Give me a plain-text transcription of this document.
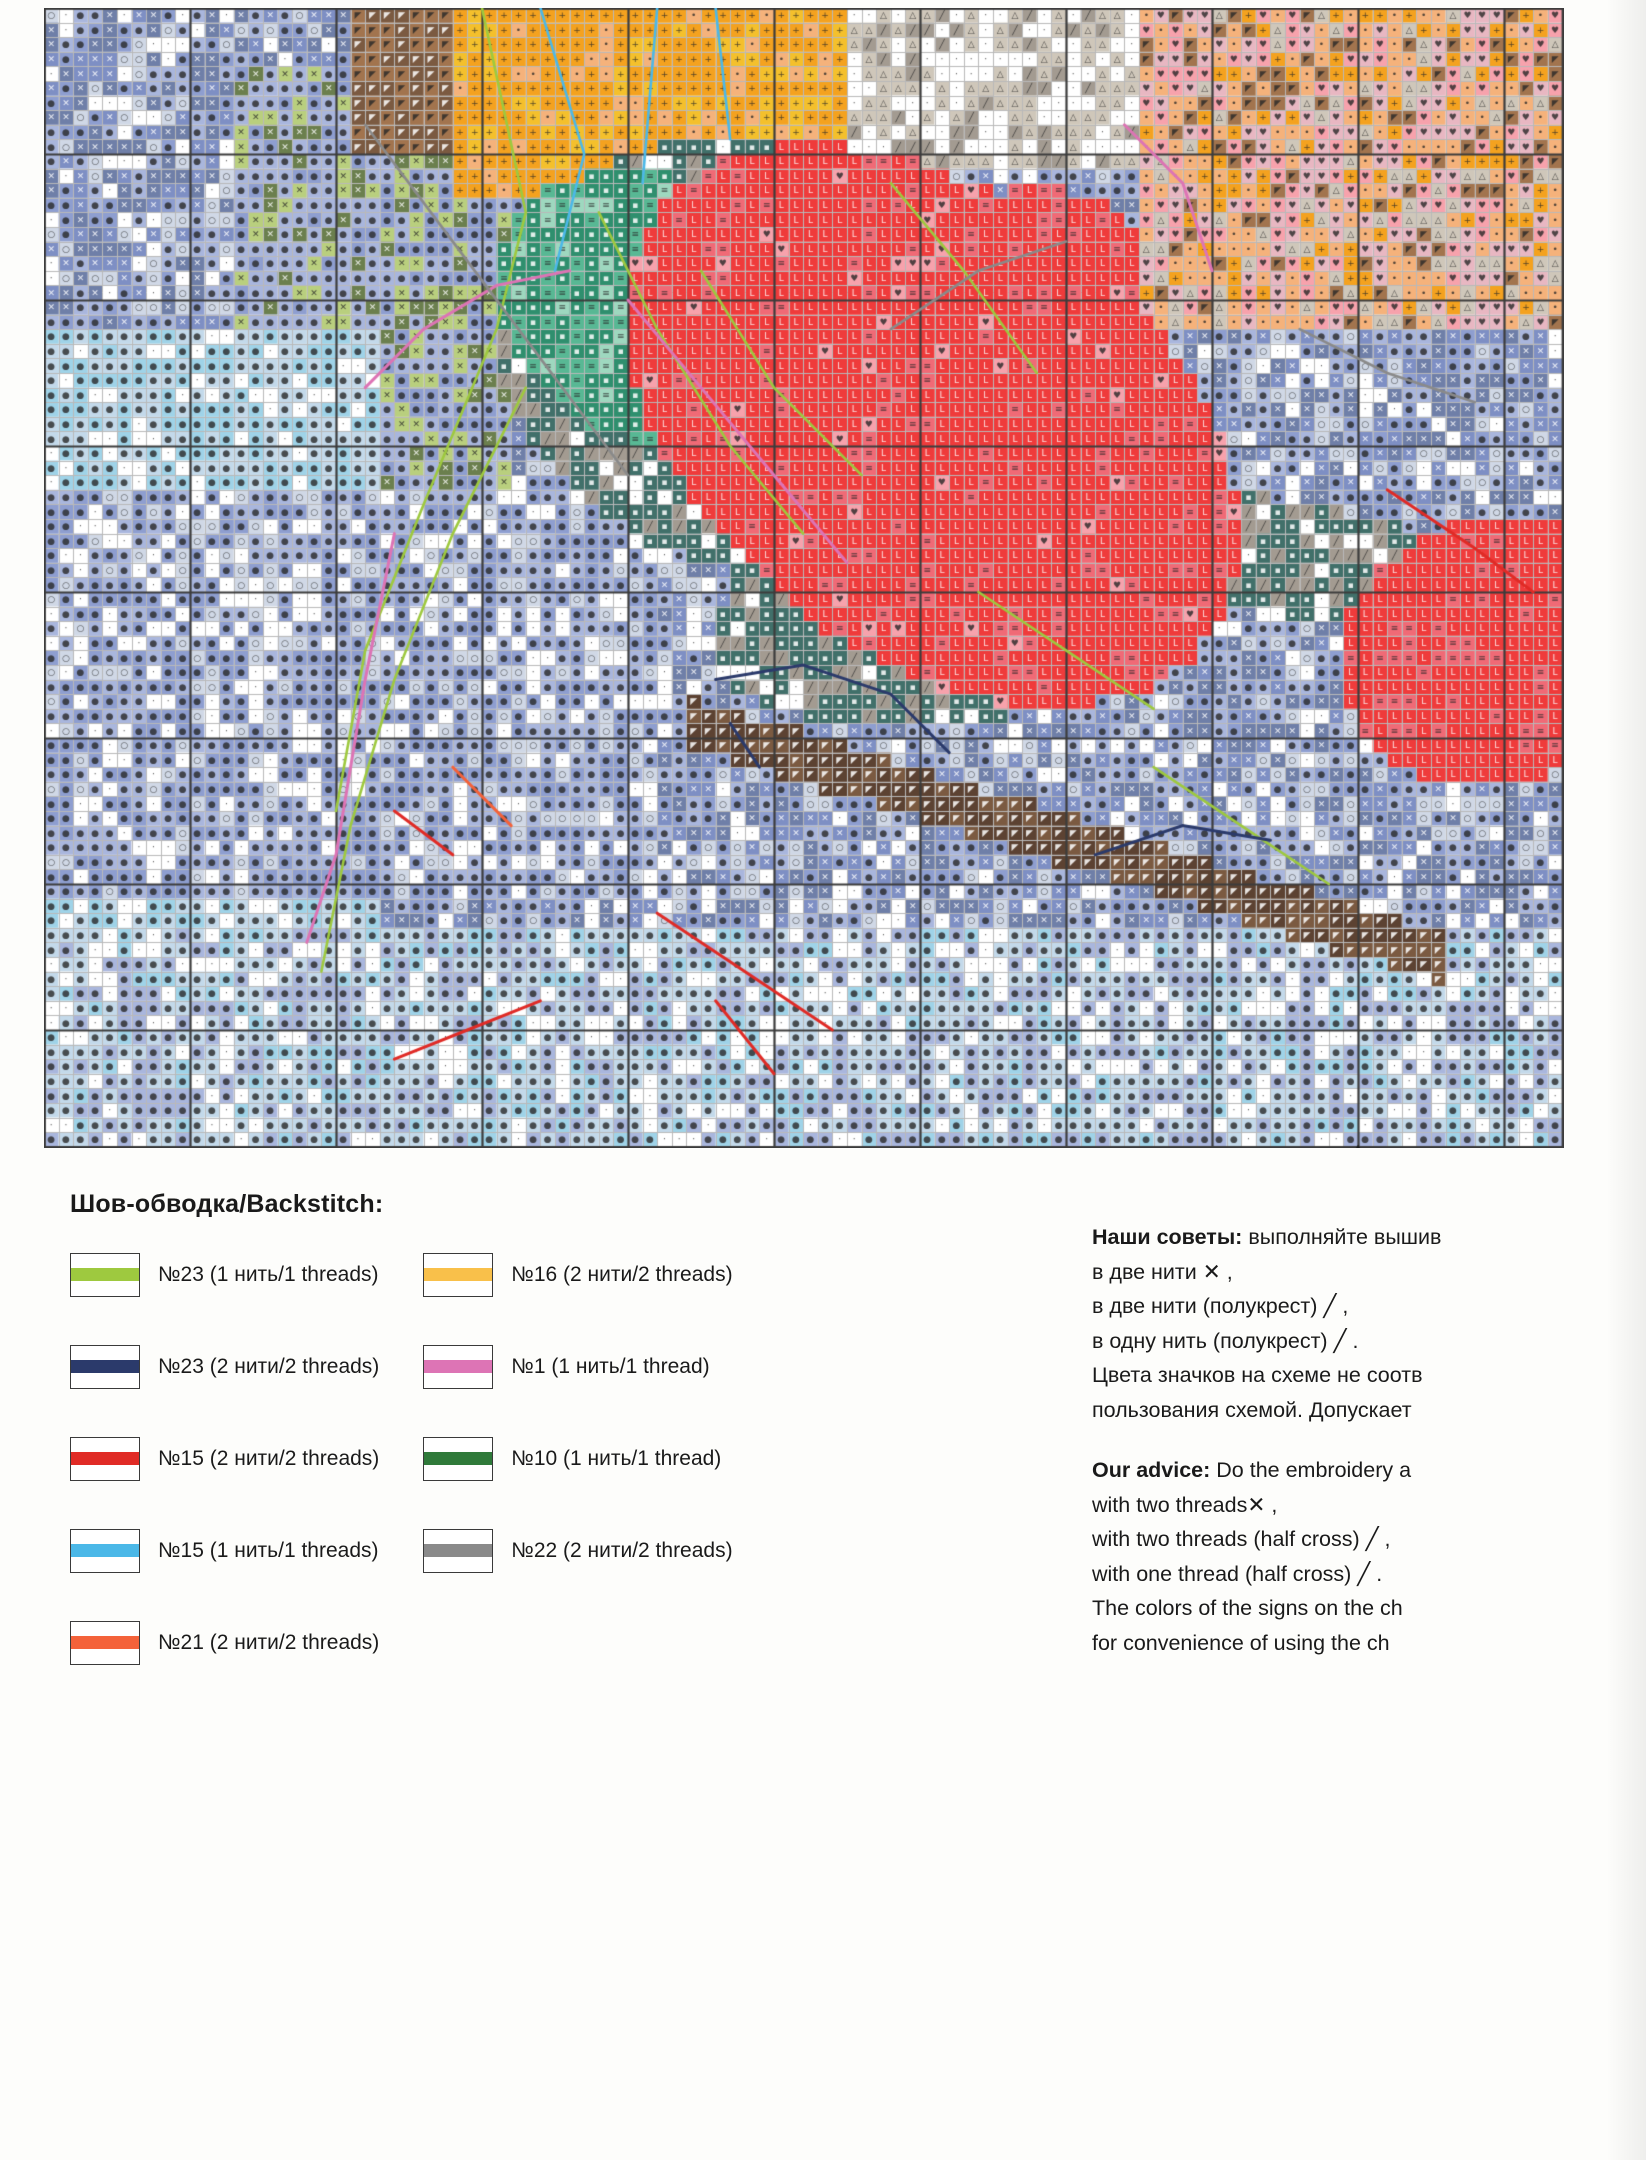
Шов-обводка/Backstitch:
№23 (1 нить/1 threads)
№23 (2 нити/2 threads)
№15 (2 нити/2 threads)
№15 (1 нить/1 threads)
№21 (2 нити/2 threads)
№16 (2 нити/2 threads)
№1 (1 нить/1 thread)
№10 (1 нить/1 thread)
№22 (2 нити/2 threads)

Наши советы: выполняйте вышив

в две нити ✕ ,

в две нити (полукрест) ╱ ,

в одну нить (полукрест) ╱ .

Цвета значков на схеме не соотв

пользования схемой. Допускает

Our advice: Do the embroidery a

with two threads✕ ,

with two threads (half cross) ╱ ,

with one thread (half cross) ╱ .

The colors of the signs on the ch

for convenience of using the ch
